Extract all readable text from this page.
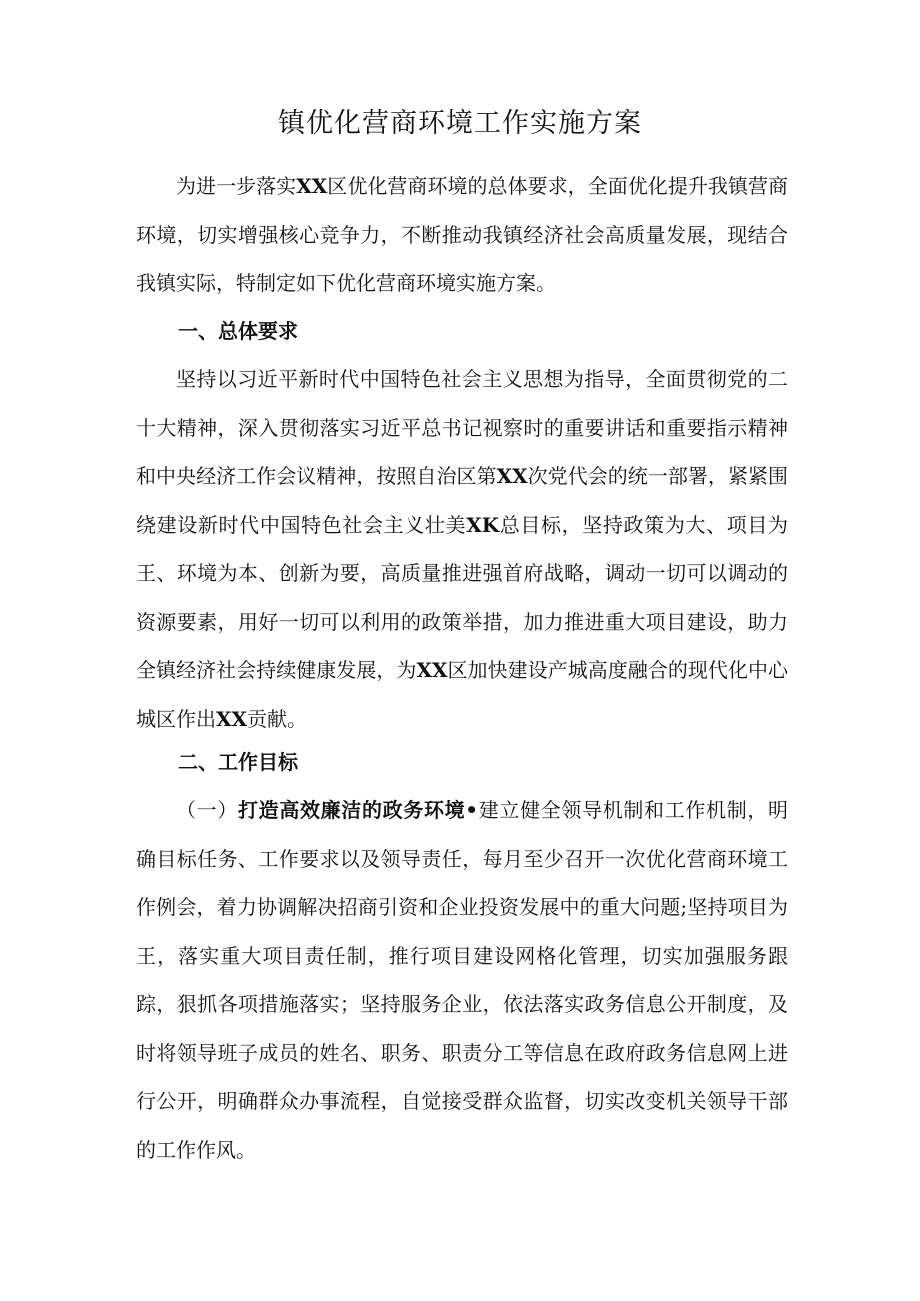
镇优化营商环境工作实施方案

为进一步落实XX区优化营商环境的总体要求，全面优化提升我镇营商环境，切实增强核心竞争力，不断推动我镇经济社会高质量发展，现结合我镇实际，特制定如下优化营商环境实施方案。

一、总体要求

坚持以习近平新时代中国特色社会主义思想为指导，全面贯彻党的二十大精神，深入贯彻落实习近平总书记视察时的重要讲话和重要指示精神和中央经济工作会议精神，按照自治区第XX次党代会的统一部署，紧紧围绕建设新时代中国特色社会主义壮美XK总目标，坚持政策为大、项目为王、环境为本、创新为要，高质量推进强首府战略，调动一切可以调动的资源要素，用好一切可以利用的政策举措，加力推进重大项目建设，助力全镇经济社会持续健康发展，为XX区加快建设产城高度融合的现代化中心城区作出XX贡献。

二、工作目标

（一）打造高效廉洁的政务环境•建立健全领导机制和工作机制，明确目标任务、工作要求以及领导责任，每月至少召开一次优化营商环境工作例会，着力协调解决招商引资和企业投资发展中的重大问题;坚持项目为王，落实重大项目责任制，推行项目建设网格化管理，切实加强服务跟踪，狠抓各项措施落实；坚持服务企业，依法落实政务信息公开制度，及时将领导班子成员的姓名、职务、职责分工等信息在政府政务信息网上进行公开，明确群众办事流程，自觉接受群众监督，切实改变机关领导干部的工作作风。
